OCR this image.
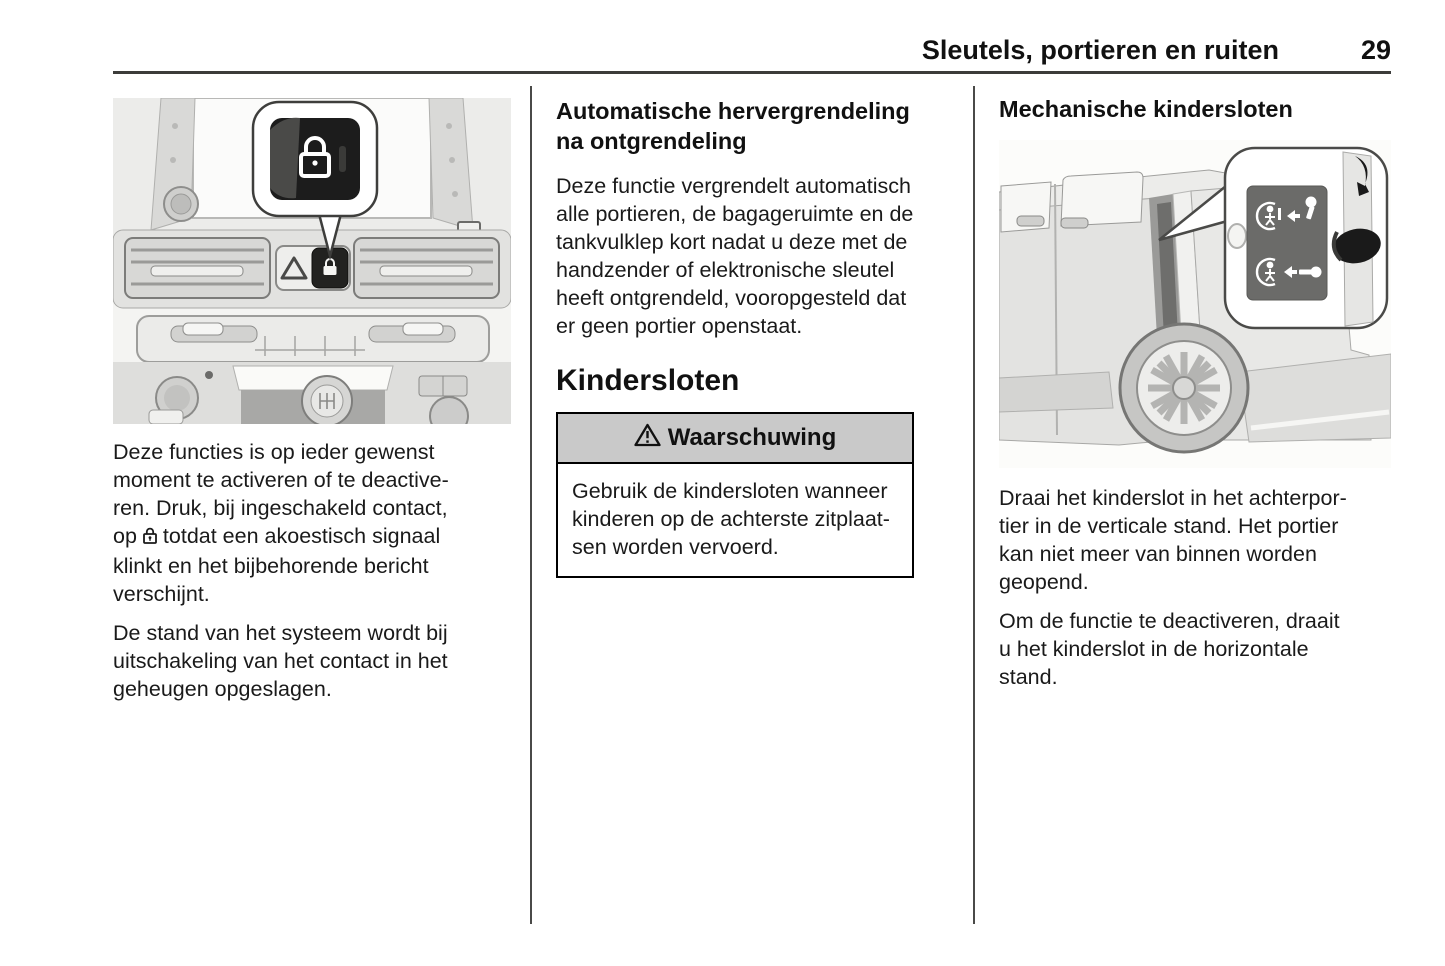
Sleutels, portieren en ruiten	29

Deze functies is op ieder gewenst moment te activeren of te deactiveren. Druk, bij ingeschakeld contact, op totdat een akoestisch signaal klinkt en het bijbehorende bericht verschijnt.

De stand van het systeem wordt bij uitschakeling van het contact in het geheugen opgeslagen.

Automatische hervergrendeling na ontgrendeling

Deze functie vergrendelt automatisch alle portieren, de bagageruimte en de tankvulklep kort nadat u deze met de handzender of elektronische sleutel heeft ontgrendeld, vooropgesteld dat er geen portier openstaat.

Kindersloten
Waarschuwing
Gebruik de kindersloten wanneer kinderen op de achterste zitplaatsen worden vervoerd.
Mechanische kindersloten

Draai het kinderslot in het achterportier in de verticale stand. Het portier kan niet meer van binnen worden geopend.

Om de functie te deactiveren, draait u het kinderslot in de horizontale stand.
